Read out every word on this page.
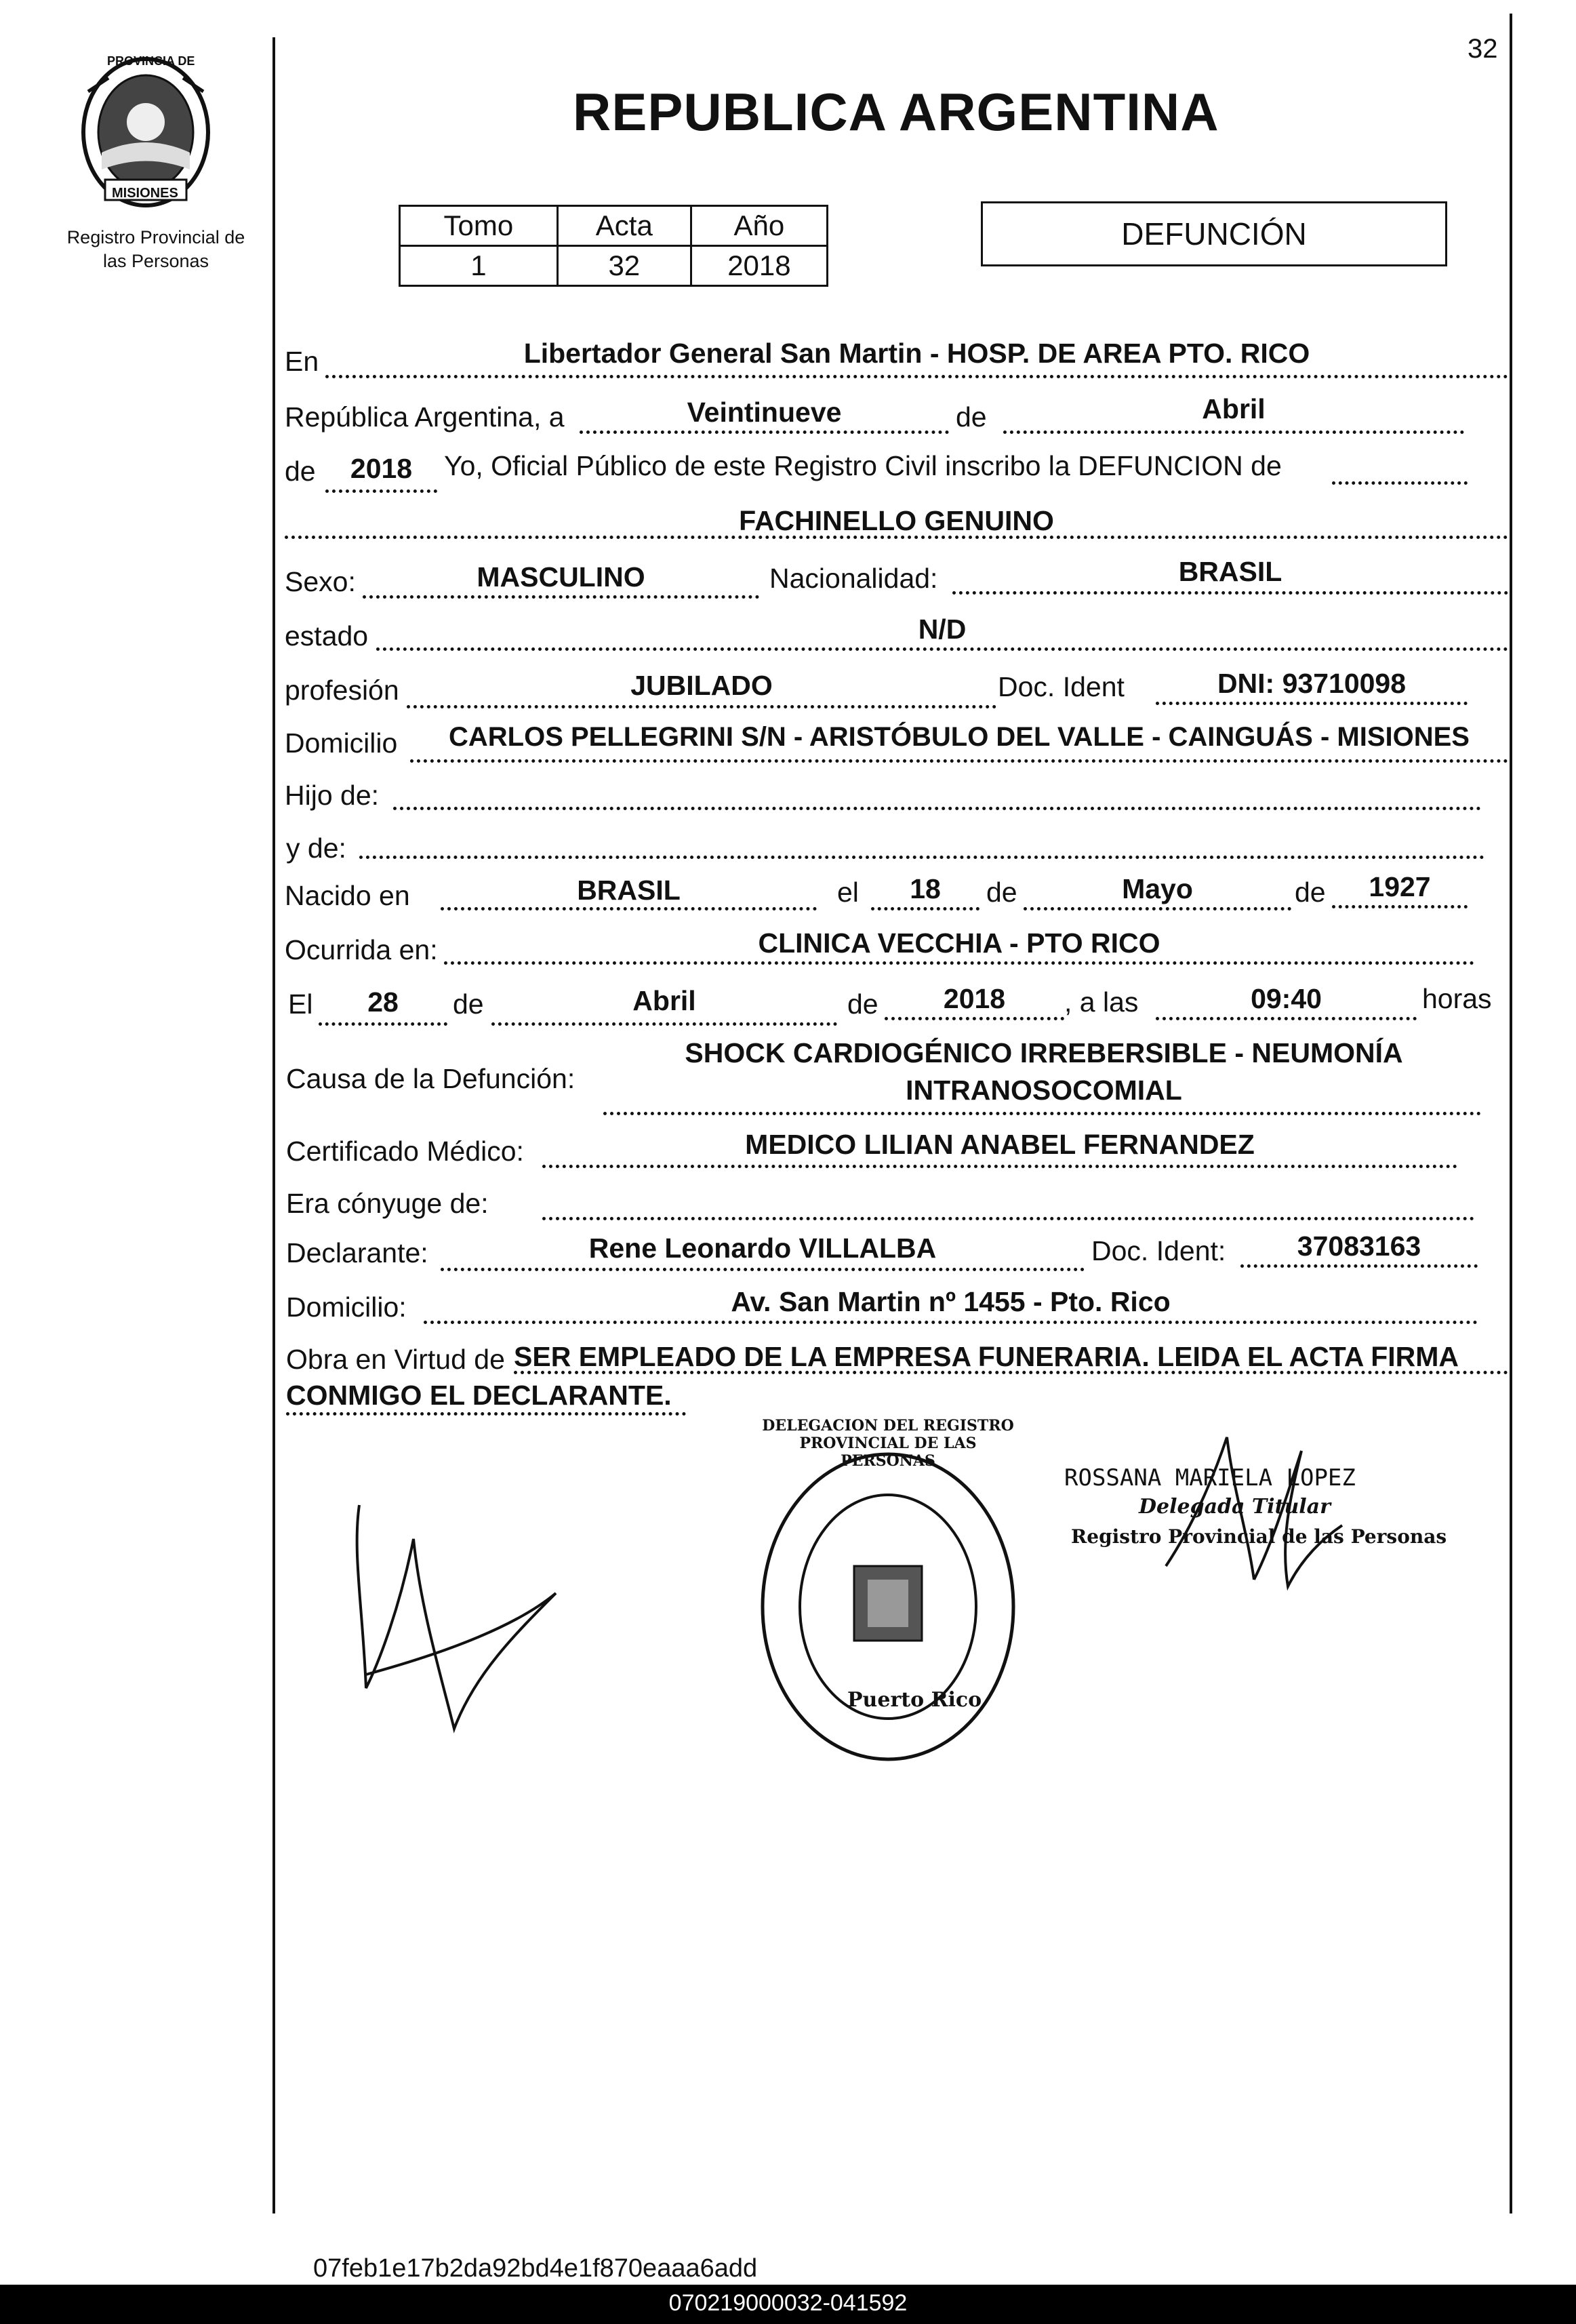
32
PROVINCIA DE
MISIONES
Registro Provincial de
las Personas
REPUBLICA ARGENTINA
Tomo	Acta	Año
1	32	2018
DEFUNCIÓN
En	Libertador General San Martin - HOSP. DE AREA PTO. RICO
República Argentina, a	Veintinueve	de	Abril
de	2018	Yo, Oficial Público de este Registro Civil inscribo la DEFUNCION de
FACHINELLO GENUINO
Sexo:	MASCULINO	Nacionalidad:	BRASIL
estado	N/D
profesión	JUBILADO	Doc. Ident	DNI: 93710098
Domicilio	CARLOS PELLEGRINI S/N - ARISTÓBULO DEL VALLE - CAINGUÁS - MISIONES
Hijo de:
y de:
Nacido en	BRASIL	el	18	de	Mayo	de	1927
Ocurrida en:	CLINICA VECCHIA - PTO RICO
El	28	de	Abril	de	2018	, a las	09:40	horas
Causa de la Defunción:
SHOCK CARDIOGÉNICO IRREBERSIBLE - NEUMONÍA
INTRANOSOCOMIAL
Certificado Médico:	MEDICO LILIAN ANABEL FERNANDEZ
Era cónyuge de:
Declarante:	Rene Leonardo VILLALBA	Doc. Ident:	37083163
Domicilio:	Av. San Martin nº 1455 - Pto. Rico
Obra en Virtud de SER EMPLEADO DE LA EMPRESA FUNERARIA. LEIDA EL ACTA FIRMA
CONMIGO EL DECLARANTE.
DELEGACION DEL REGISTRO PROVINCIAL DE LAS PERSONAS
Puerto Rico
ROSSANA MARIELA LOPEZ
Delegada Titular
Registro Provincial de las Personas
07feb1e17b2da92bd4e1f870eaaa6add
070219000032-041592
